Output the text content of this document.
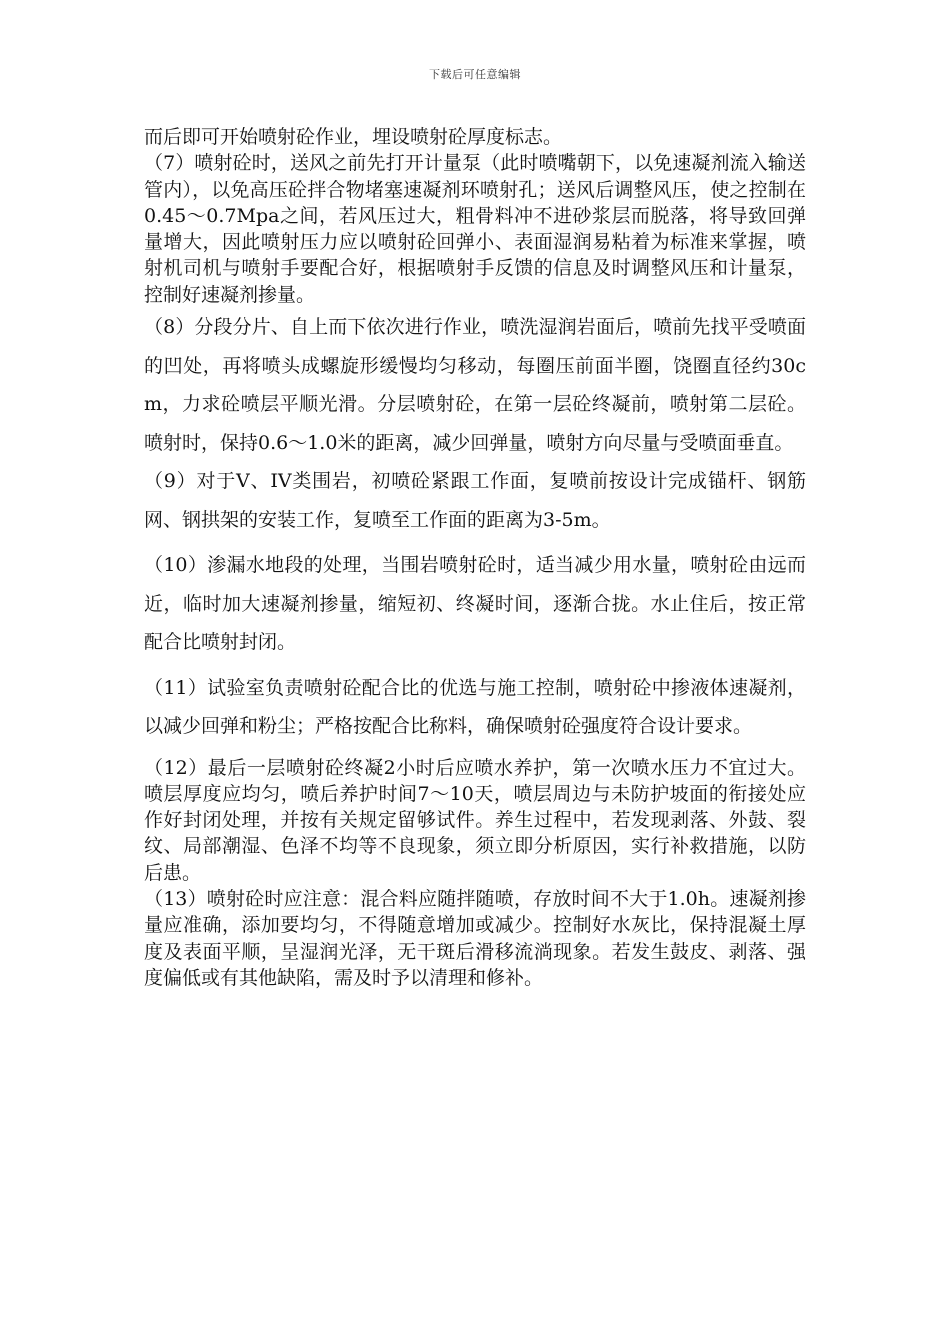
下载后可任意编辑

而后即可开始喷射砼作业，埋设喷射砼厚度标志。

（7）喷射砼时，送风之前先打开计量泵（此时喷嘴朝下，以免速凝剂流入输送管内），以免高压砼拌合物堵塞速凝剂环喷射孔；送风后调整风压，使之控制在0.45～0.7Mpa之间，若风压过大，粗骨料冲不进砂浆层而脱落，将导致回弹量增大，因此喷射压力应以喷射砼回弹小、表面湿润易粘着为标准来掌握，喷射机司机与喷射手要配合好，根据喷射手反馈的信息及时调整风压和计量泵，控制好速凝剂掺量。

（8）分段分片、自上而下依次进行作业，喷洗湿润岩面后，喷前先找平受喷面的凹处，再将喷头成螺旋形缓慢均匀移动，每圈压前面半圈，饶圈直径约30cm，力求砼喷层平顺光滑。分层喷射砼，在第一层砼终凝前，喷射第二层砼。喷射时，保持0.6～1.0米的距离，减少回弹量，喷射方向尽量与受喷面垂直。

（9）对于V、IV类围岩，初喷砼紧跟工作面，复喷前按设计完成锚杆、钢筋网、钢拱架的安装工作，复喷至工作面的距离为3-5m。

（10）渗漏水地段的处理，当围岩喷射砼时，适当减少用水量，喷射砼由远而近，临时加大速凝剂掺量，缩短初、终凝时间，逐渐合拢。水止住后，按正常配合比喷射封闭。

（11）试验室负责喷射砼配合比的优选与施工控制，喷射砼中掺液体速凝剂，以减少回弹和粉尘；严格按配合比称料，确保喷射砼强度符合设计要求。

（12）最后一层喷射砼终凝2小时后应喷水养护，第一次喷水压力不宜过大。喷层厚度应均匀，喷后养护时间7～10天，喷层周边与未防护坡面的衔接处应作好封闭处理，并按有关规定留够试件。养生过程中，若发现剥落、外鼓、裂纹、局部潮湿、色泽不均等不良现象，须立即分析原因，实行补救措施，以防后患。

（13）喷射砼时应注意：混合料应随拌随喷，存放时间不大于1.0h。速凝剂掺量应准确，添加要均匀，不得随意增加或减少。控制好水灰比，保持混凝土厚度及表面平顺，呈湿润光泽，无干斑后滑移流淌现象。若发生鼓皮、剥落、强度偏低或有其他缺陷，需及时予以清理和修补。
